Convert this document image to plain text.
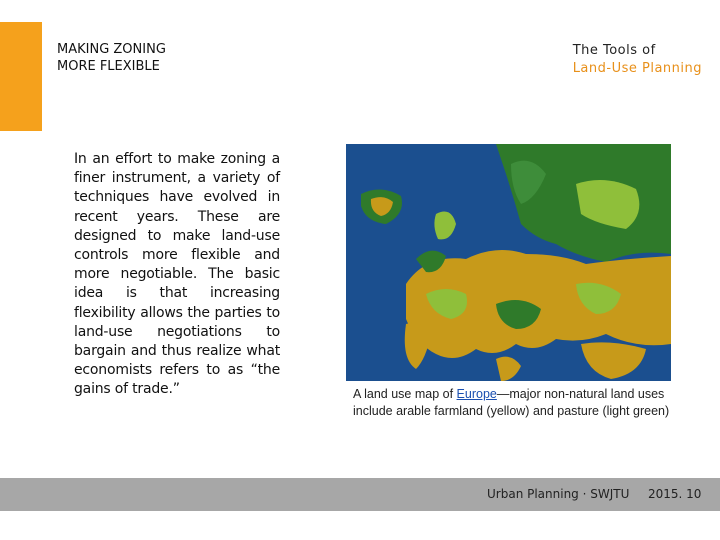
MAKING ZONING
MORE FLEXIBLE
The Tools of
Land-Use Planning
In an effort to make zoning a finer instrument, a variety of techniques have evolved in recent years. These are designed to make land-use controls more flexible and more negotiable. The basic idea is that increasing flexibility allows the parties to land-use negotiations to bargain and thus realize what economists refers to as “the gains of trade.”	A land use map of Europe—major non-natural land uses include arable farmland (yellow) and pasture (light green)
Urban Planning · SWJTU 2015. 10
